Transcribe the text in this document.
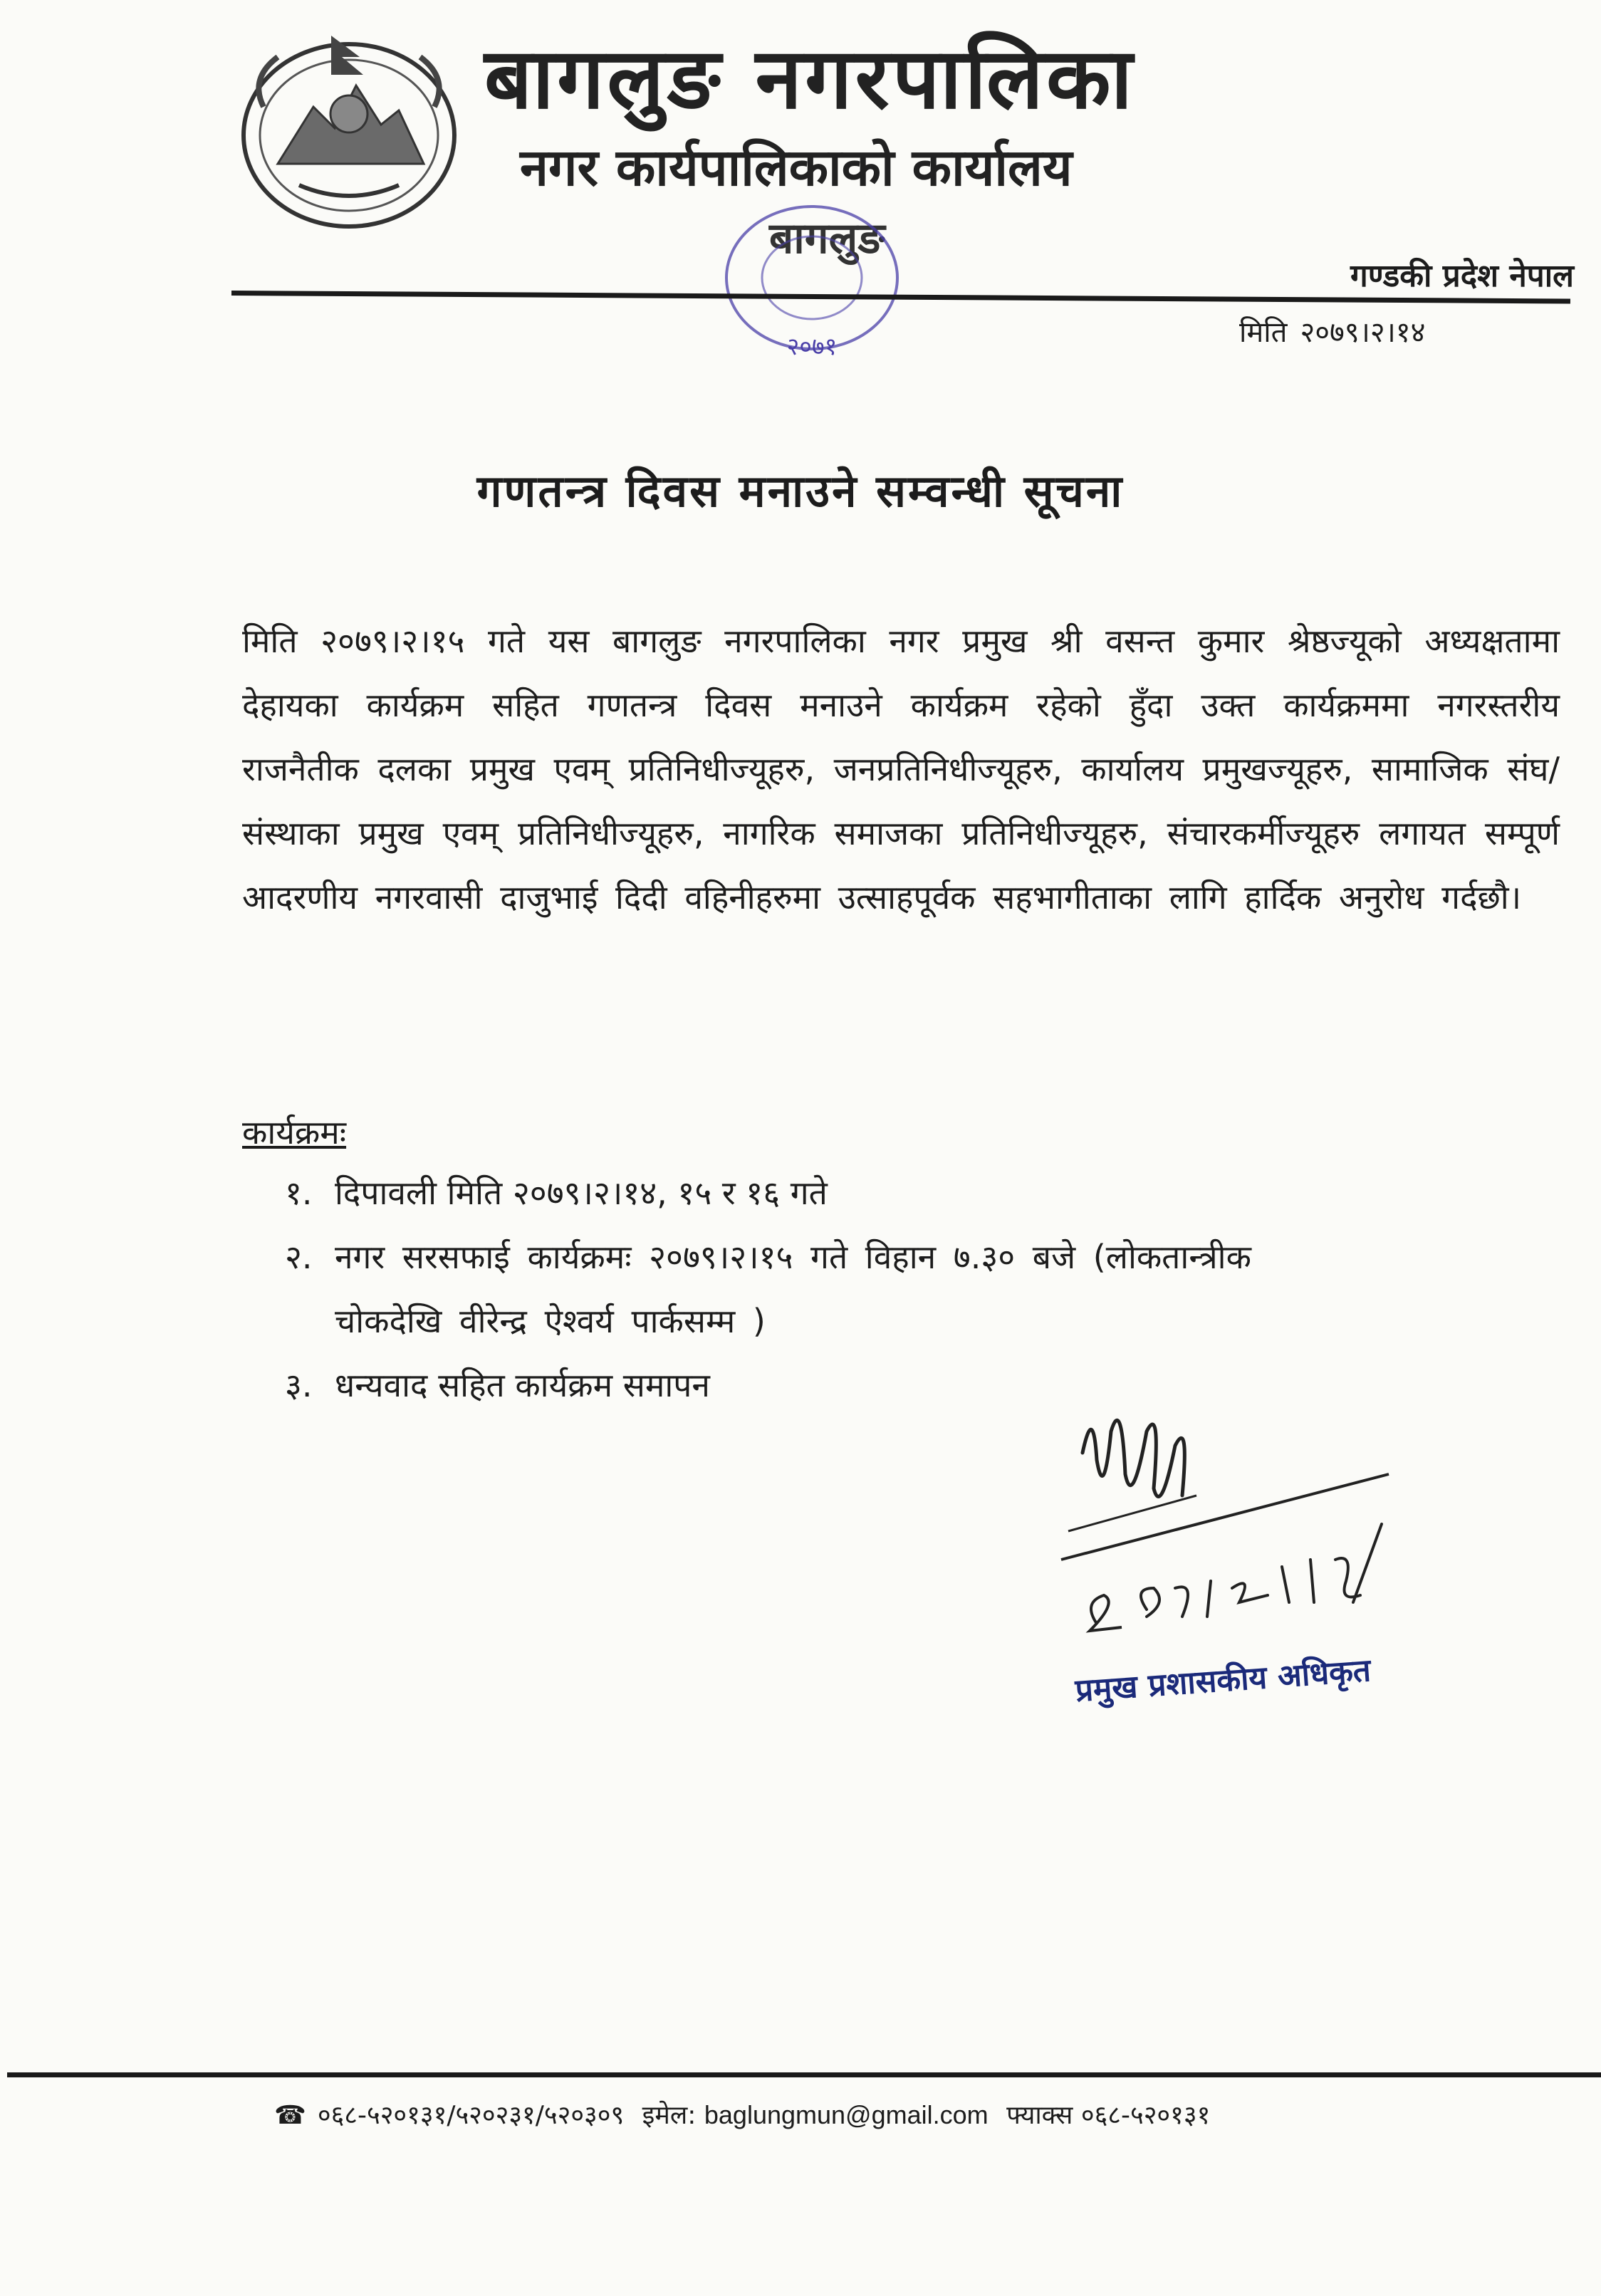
बागलुङ नगरपालिका
नगर कार्यपालिकाको कार्यालय
बागलुङ
२०७१
गण्डकी प्रदेश नेपाल
मिति २०७९।२।१४
गणतन्त्र दिवस मनाउने सम्वन्धी सूचना
मिति २०७९।२।१५ गते यस बागलुङ नगरपालिका नगर प्रमुख श्री वसन्त कुमार श्रेष्ठज्यूको अध्यक्षतामा देहायका कार्यक्रम सहित गणतन्त्र दिवस मनाउने कार्यक्रम रहेको हुँदा उक्त कार्यक्रममा नगरस्तरीय राजनैतीक दलका प्रमुख एवम् प्रतिनिधीज्यूहरु, जनप्रतिनिधीज्यूहरु, कार्यालय प्रमुखज्यूहरु, सामाजिक संघ/संस्थाका प्रमुख एवम् प्रतिनिधीज्यूहरु, नागरिक समाजका प्रतिनिधीज्यूहरु, संचारकर्मीज्यूहरु लगायत सम्पूर्ण आदरणीय नगरवासी दाजुभाई दिदी वहिनीहरुमा उत्साहपूर्वक सहभागीताका लागि हार्दिक अनुरोध गर्दछौ।
कार्यक्रमः
१. दिपावली मिति २०७९।२।१४, १५ र १६ गते
२. नगर सरसफाई कार्यक्रमः २०७९।२।१५ गते विहान ७.३० बजे (लोकतान्त्रीक
चोकदेखि वीरेन्द्र ऐश्वर्य पार्कसम्म )
३. धन्यवाद सहित कार्यक्रम समापन
प्रमुख प्रशासकीय अधिकृत
☎ ०६८-५२०१३१/५२०२३१/५२०३०९ इमेल: baglungmun@gmail.com फ्याक्स ०६८-५२०१३१
